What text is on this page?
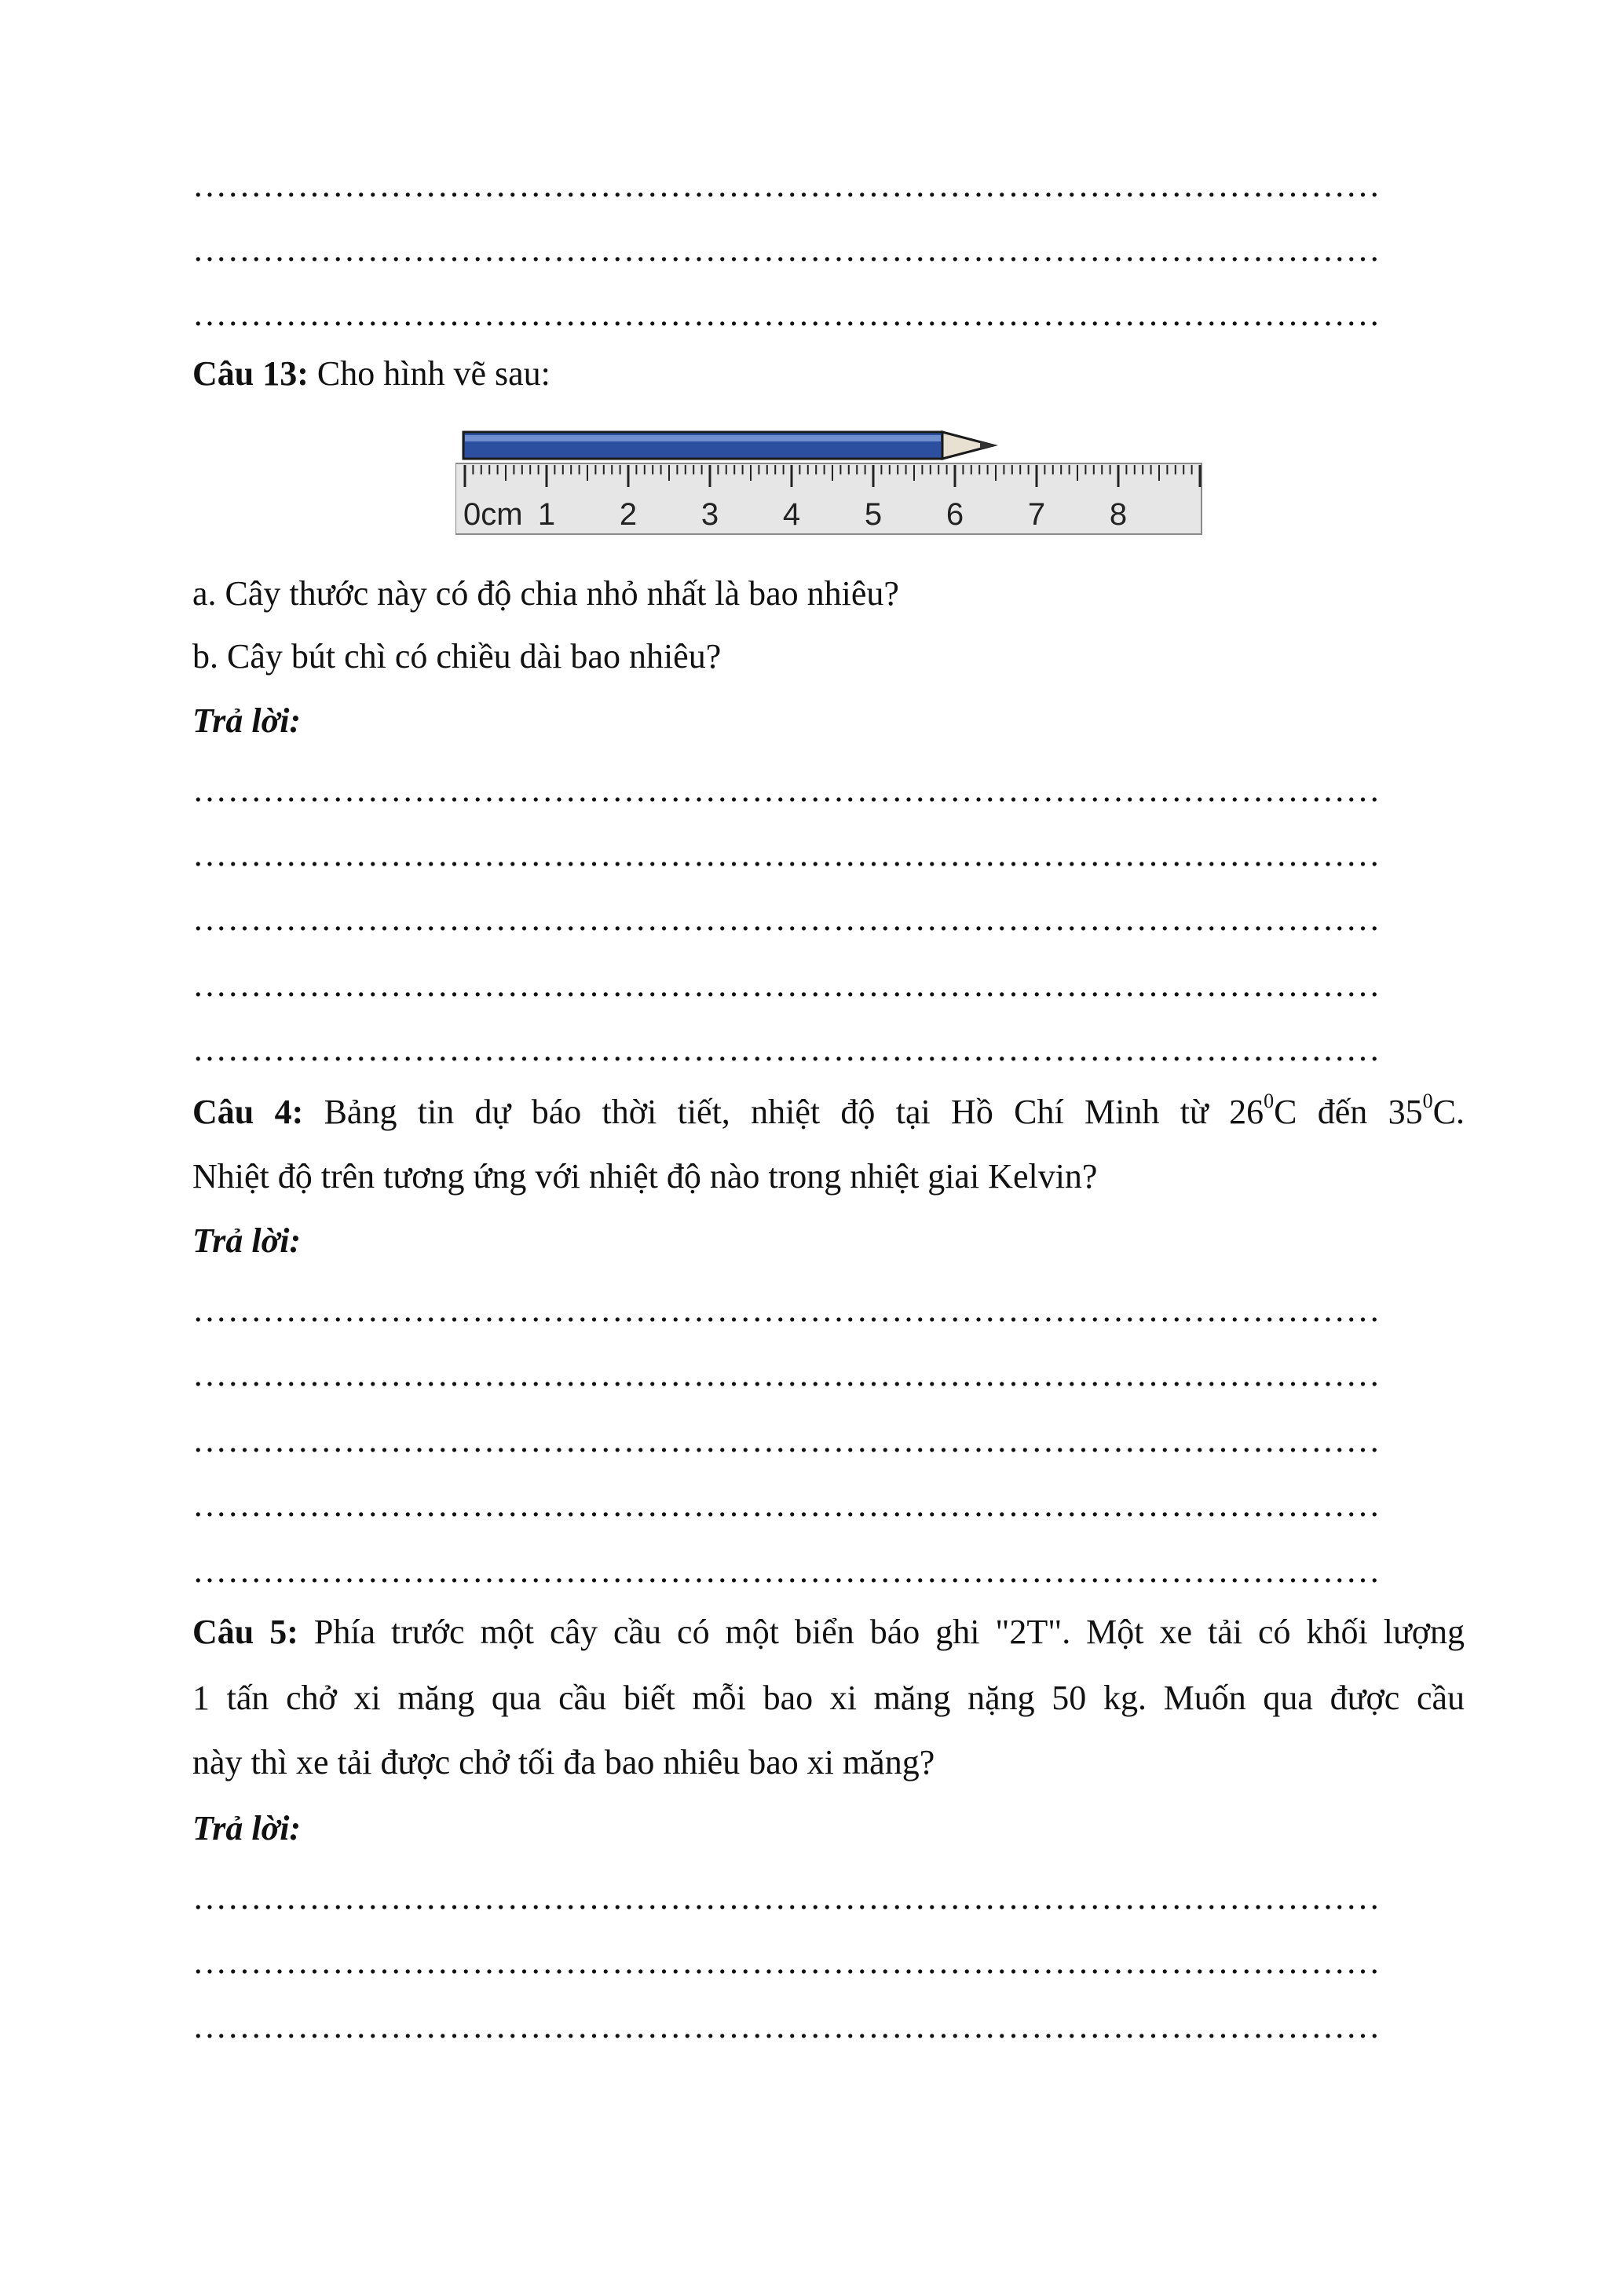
…………………………………………………………………………………………
…………………………………………………………………………………………
…………………………………………………………………………………………
Câu 13: Cho hình vẽ sau:
0cm 1 2 3 4 5 6 7 8
a. Cây thước này có độ chia nhỏ nhất là bao nhiêu?
b. Cây bút chì có chiều dài bao nhiêu?
Trả lời:
…………………………………………………………………………………………
…………………………………………………………………………………………
…………………………………………………………………………………………
…………………………………………………………………………………………
…………………………………………………………………………………………
Câu 4: Bảng tin dự báo thời tiết, nhiệt độ tại Hồ Chí Minh từ $26^0C$ đến $35^0C$.
Nhiệt độ trên tương ứng với nhiệt độ nào trong nhiệt giai Kelvin?
Trả lời:
…………………………………………………………………………………………
…………………………………………………………………………………………
…………………………………………………………………………………………
…………………………………………………………………………………………
…………………………………………………………………………………………
Câu 5: Phía trước một cây cầu có một biển báo ghi "2T". Một xe tải có khối lượng
1 tấn chở xi măng qua cầu biết mỗi bao xi măng nặng 50 kg. Muốn qua được cầu
này thì xe tải được chở tối đa bao nhiêu bao xi măng?
Trả lời:
…………………………………………………………………………………………
…………………………………………………………………………………………
…………………………………………………………………………………………
